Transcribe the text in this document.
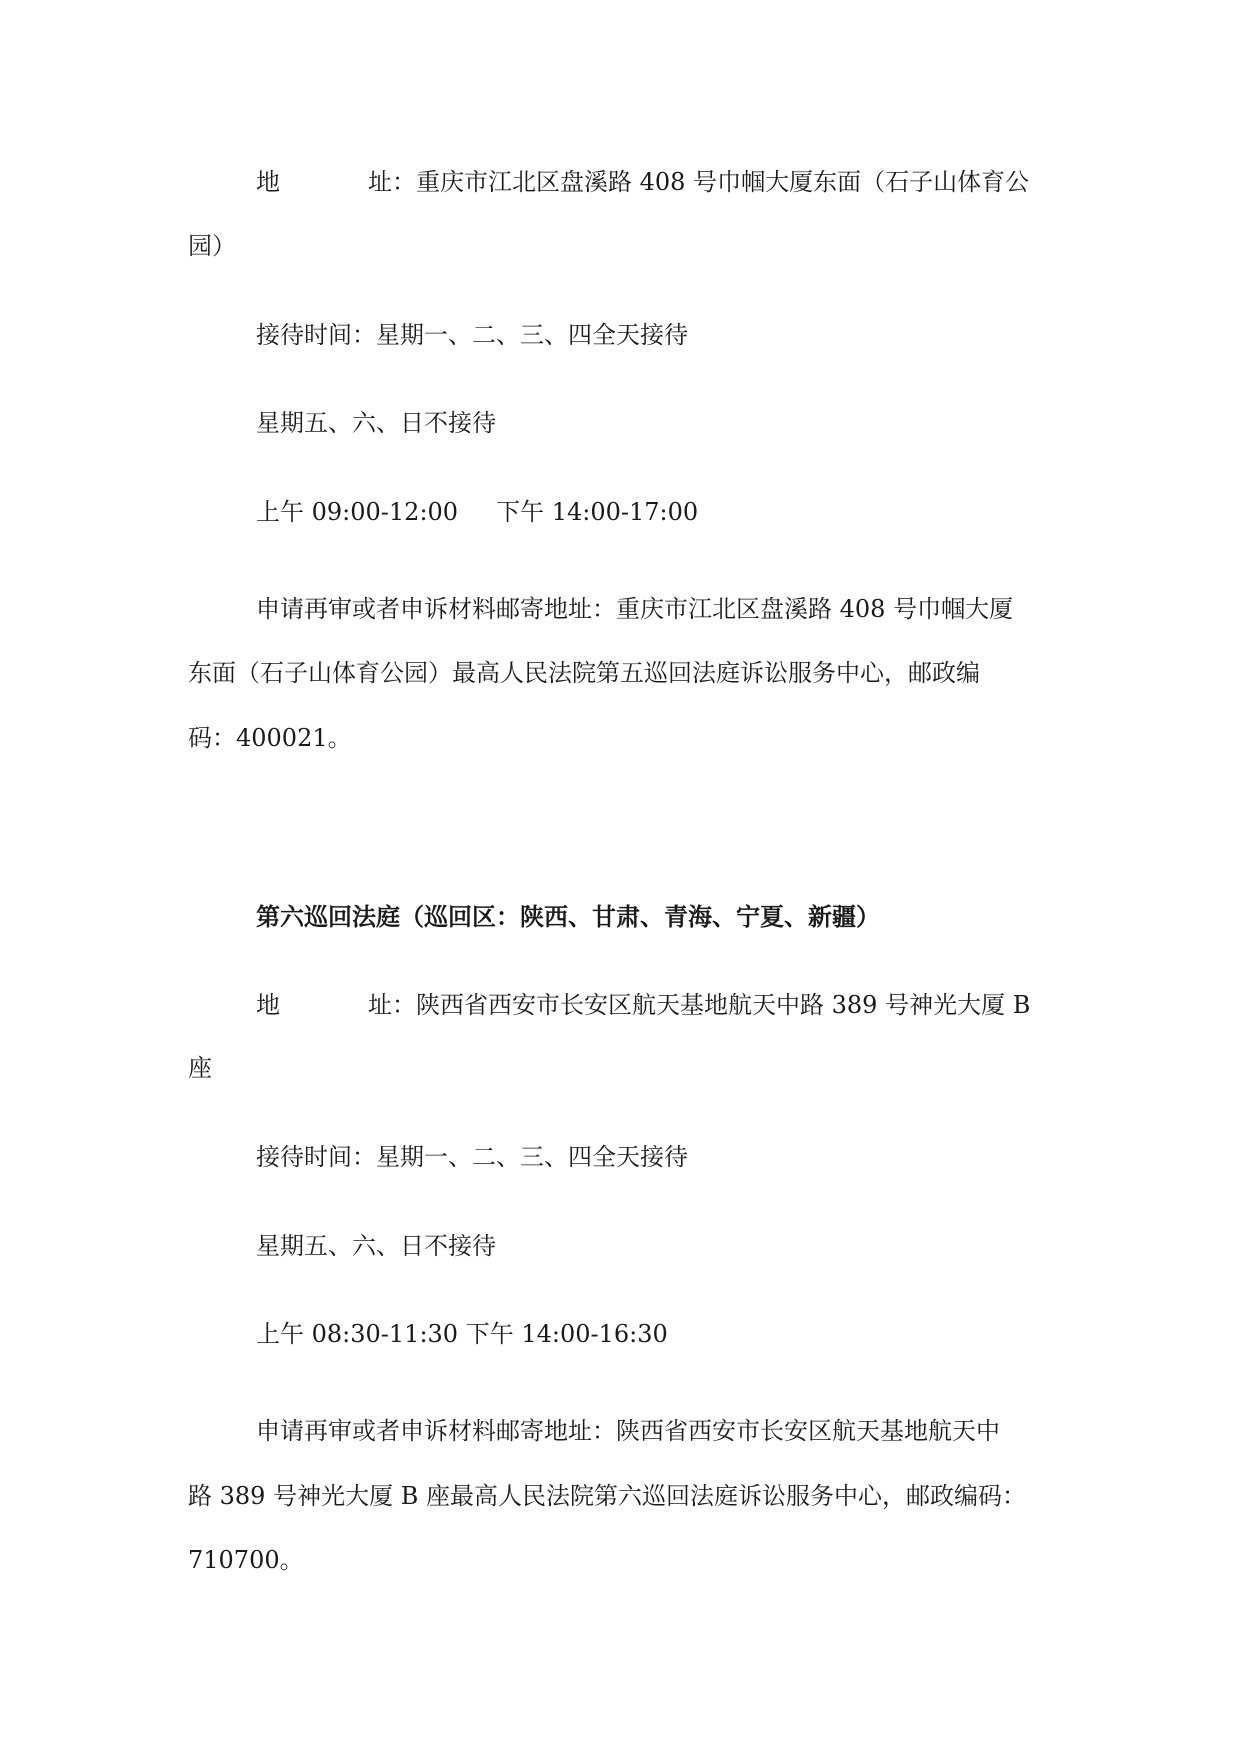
地	址：重庆市江北区盘溪路 408 号巾帼大厦东面（石子山体育公
园）
接待时间：星期一、二、三、四全天接待
星期五、六、日不接待
上午 09:00-12:00 下午 14:00-17:00
申请再审或者申诉材料邮寄地址：重庆市江北区盘溪路 408 号巾帼大厦
东面（石子山体育公园）最高人民法院第五巡回法庭诉讼服务中心，邮政编
码：400021。
第六巡回法庭（巡回区：陕西、甘肃、青海、宁夏、新疆）
地	址：陕西省西安市长安区航天基地航天中路 389 号神光大厦 B
座
接待时间：星期一、二、三、四全天接待
星期五、六、日不接待
上午 08:30-11:30 下午 14:00-16:30
申请再审或者申诉材料邮寄地址：陕西省西安市长安区航天基地航天中
路 389 号神光大厦 B 座最高人民法院第六巡回法庭诉讼服务中心，邮政编码：
710700。
